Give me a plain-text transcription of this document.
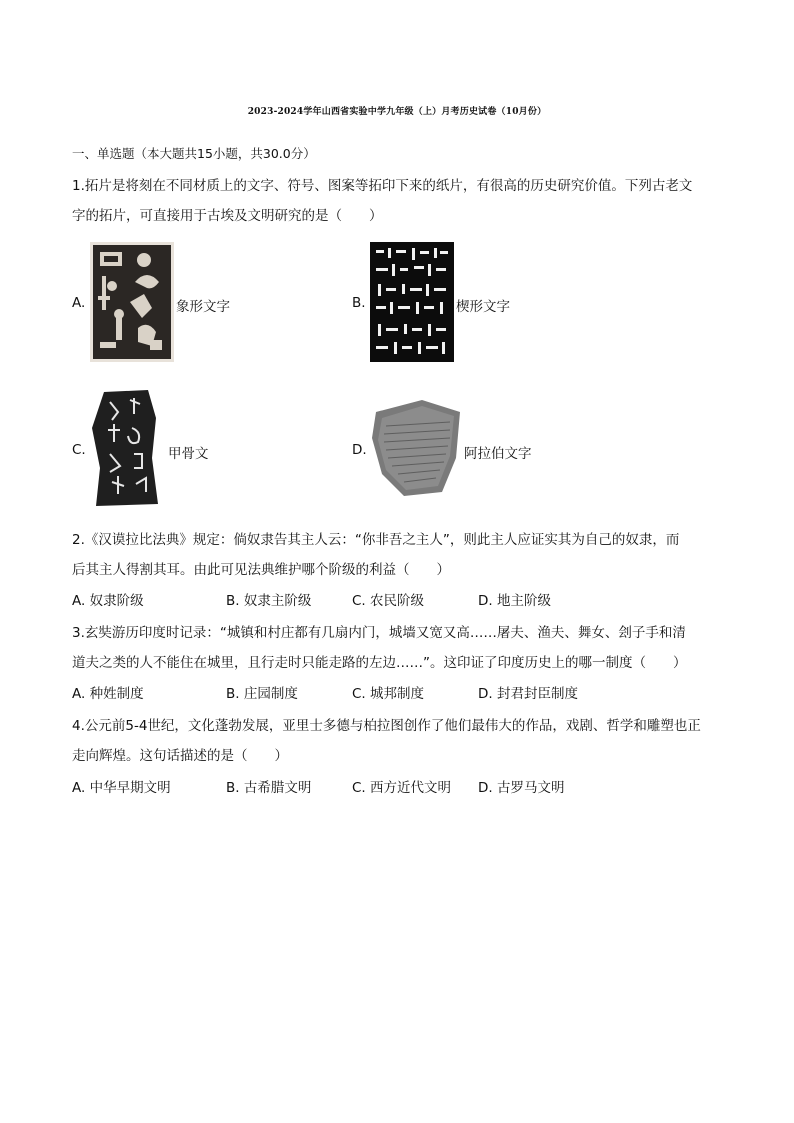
2023-2024学年山西省实验中学九年级（上）月考历史试卷（10月份）
一、单选题（本大题共15小题，共30.0分）
1.拓片是将刻在不同材质上的文字、符号、图案等拓印下来的纸片，有很高的历史研究价值。下列古老文
字的拓片，可直接用于古埃及文明研究的是（　　）
A.	象形文字	B.	楔形文字
C.	甲骨文	D.	阿拉伯文字
2.《汉谟拉比法典》规定：倘奴隶告其主人云：“你非吾之主人”，则此主人应证实其为自己的奴隶，而
后其主人得割其耳。由此可见法典维护哪个阶级的利益（　　）
A. 奴隶阶级	B. 奴隶主阶级	C. 农民阶级	D. 地主阶级
3.玄奘游历印度时记录：“城镇和村庄都有几扇内门，城墙又宽又高……屠夫、渔夫、舞女、刽子手和清
道夫之类的人不能住在城里，且行走时只能走路的左边……”。这印证了印度历史上的哪一制度（　　）
A. 种姓制度	B. 庄园制度	C. 城邦制度	D. 封君封臣制度
4.公元前5-4世纪，文化蓬勃发展，亚里士多德与柏拉图创作了他们最伟大的作品，戏剧、哲学和雕塑也正
走向辉煌。这句话描述的是（　　）
A. 中华早期文明	B. 古希腊文明	C. 西方近代文明 D. 古罗马文明
